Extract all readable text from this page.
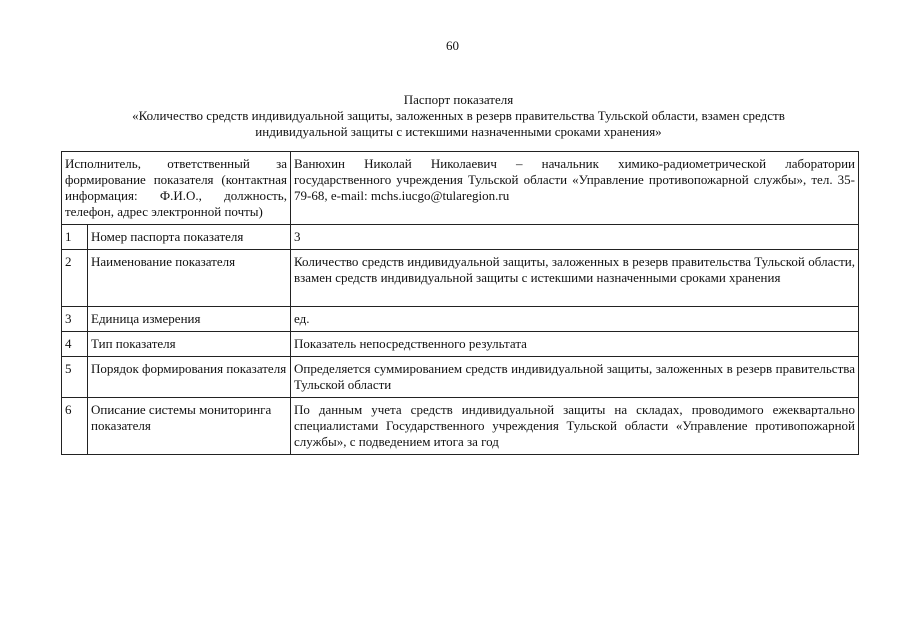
60
Паспорт показателя
«Количество средств индивидуальной защиты, заложенных в резерв правительства Тульской области, взамен средств
индивидуальной защиты с истекшими назначенными сроками хранения»
Исполнитель, ответственный за формирование показателя (контактная информация: Ф.И.О., должность, телефон, адрес электронной почты)		Ванюхин Николай Николаевич – начальник химико-радиометрической лаборатории государственного учреждения Тульской области «Управление противопожарной службы», тел. 35-79-68, e-mail: mchs.iucgo@tularegion.ru
1	Номер паспорта показателя	3
2	Наименование показателя	Количество средств индивидуальной защиты, заложенных в резерв правительства Тульской области, взамен средств индивидуальной защиты с истекшими назначенными сроками хранения
3	Единица измерения	ед.
4	Тип показателя	Показатель непосредственного результата
5	Порядок формирования показателя	Определяется суммированием средств индивидуальной защиты, заложенных в резерв правительства Тульской области
6	Описание системы мониторинга показателя	По данным учета средств индивидуальной защиты на складах, проводимого ежеквартально специалистами Государственного учреждения Тульской области «Управление противопожарной службы», с подведением итога за год
